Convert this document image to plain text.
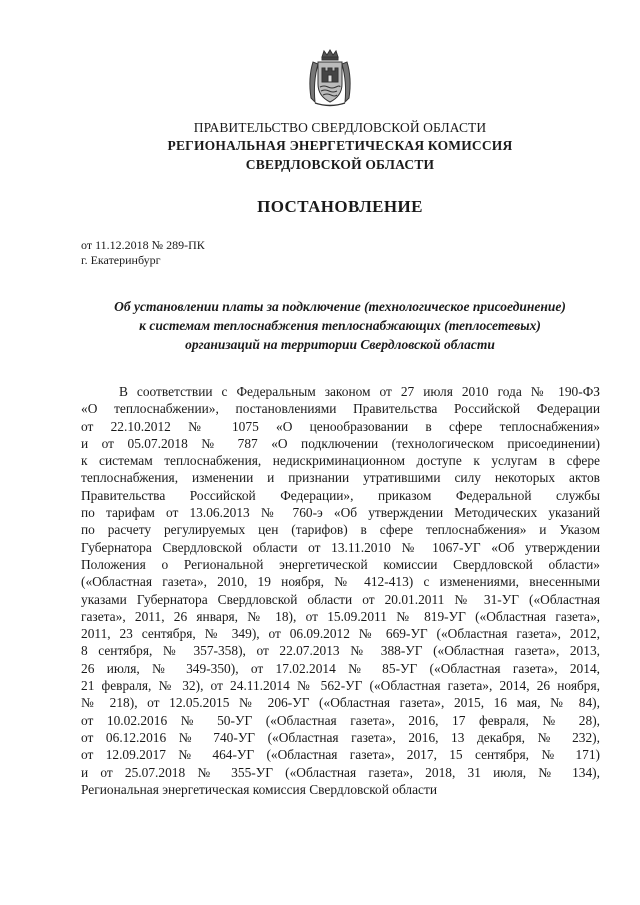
ПРАВИТЕЛЬСТВО СВЕРДЛОВСКОЙ ОБЛАСТИ
РЕГИОНАЛЬНАЯ ЭНЕРГЕТИЧЕСКАЯ КОМИССИЯ
СВЕРДЛОВСКОЙ ОБЛАСТИ
ПОСТАНОВЛЕНИЕ
от 11.12.2018 № 289-ПК
г. Екатеринбург
Об установлении платы за подключение (технологическое присоединение)
к системам теплоснабжения теплоснабжающих (теплосетевых)
организаций на территории Свердловской области
В соответствии с Федеральным законом от 27 июля 2010 года № 190-ФЗ
«О теплоснабжении», постановлениями Правительства Российской Федерации
от 22.10.2012 № 1075 «О ценообразовании в сфере теплоснабжения»
и от 05.07.2018 № 787 «О подключении (технологическом присоединении)
к системам теплоснабжения, недискриминационном доступе к услугам в сфере
теплоснабжения, изменении и признании утратившими силу некоторых актов
Правительства Российской Федерации», приказом Федеральной службы
по тарифам от 13.06.2013 № 760-э «Об утверждении Методических указаний
по расчету регулируемых цен (тарифов) в сфере теплоснабжения» и Указом
Губернатора Свердловской области от 13.11.2010 № 1067-УГ «Об утверждении
Положения о Региональной энергетической комиссии Свердловской области»
(«Областная газета», 2010, 19 ноября, № 412-413) с изменениями, внесенными
указами Губернатора Свердловской области от 20.01.2011 № 31-УГ («Областная
газета», 2011, 26 января, № 18), от 15.09.2011 № 819-УГ («Областная газета»,
2011, 23 сентября, № 349), от 06.09.2012 № 669-УГ («Областная газета», 2012,
8 сентября, № 357-358), от 22.07.2013 № 388-УГ («Областная газета», 2013,
26 июля, № 349-350), от 17.02.2014 № 85-УГ («Областная газета», 2014,
21 февраля, № 32), от 24.11.2014 № 562-УГ («Областная газета», 2014, 26 ноября,
№ 218), от 12.05.2015 № 206-УГ («Областная газета», 2015, 16 мая, № 84),
от 10.02.2016 № 50-УГ («Областная газета», 2016, 17 февраля, № 28),
от 06.12.2016 № 740-УГ («Областная газета», 2016, 13 декабря, № 232),
от 12.09.2017 № 464-УГ («Областная газета», 2017, 15 сентября, № 171)
и от 25.07.2018 № 355-УГ («Областная газета», 2018, 31 июля, № 134),
Региональная энергетическая комиссия Свердловской области
